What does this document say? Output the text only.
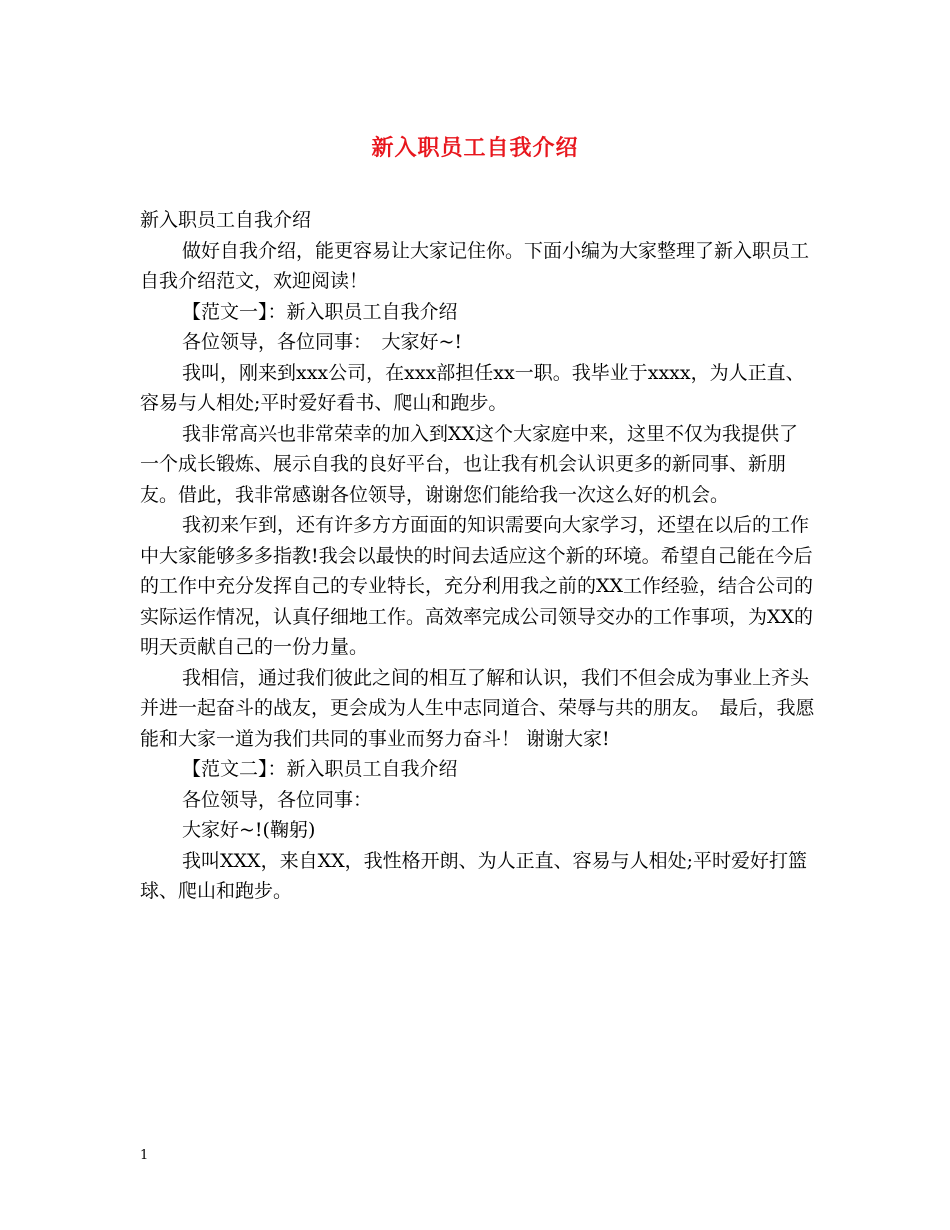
新入职员工自我介绍

新入职员工自我介绍

做好自我介绍，能更容易让大家记住你。下面小编为大家整理了新入职员工自我介绍范文，欢迎阅读！

【范文一】：新入职员工自我介绍

各位领导，各位同事：　大家好~!

我叫，刚来到xxx公司，在xxx部担任xx一职。我毕业于xxxx，为人正直、容易与人相处;平时爱好看书、爬山和跑步。

我非常高兴也非常荣幸的加入到XX这个大家庭中来，这里不仅为我提供了一个成长锻炼、展示自我的良好平台，也让我有机会认识更多的新同事、新朋友。借此，我非常感谢各位领导，谢谢您们能给我一次这么好的机会。

我初来乍到，还有许多方方面面的知识需要向大家学习，还望在以后的工作中大家能够多多指教!我会以最快的时间去适应这个新的环境。希望自己能在今后的工作中充分发挥自己的专业特长，充分利用我之前的XX工作经验，结合公司的实际运作情况，认真仔细地工作。高效率完成公司领导交办的工作事项，为XX的明天贡献自己的一份力量。

我相信，通过我们彼此之间的相互了解和认识，我们不但会成为事业上齐头并进一起奋斗的战友，更会成为人生中志同道合、荣辱与共的朋友。　最后，我愿能和大家一道为我们共同的事业而努力奋斗！ 谢谢大家!

【范文二】：新入职员工自我介绍

各位领导，各位同事：

大家好~!(鞠躬)

我叫XXX，来自XX，我性格开朗、为人正直、容易与人相处;平时爱好打篮球、爬山和跑步。

1
